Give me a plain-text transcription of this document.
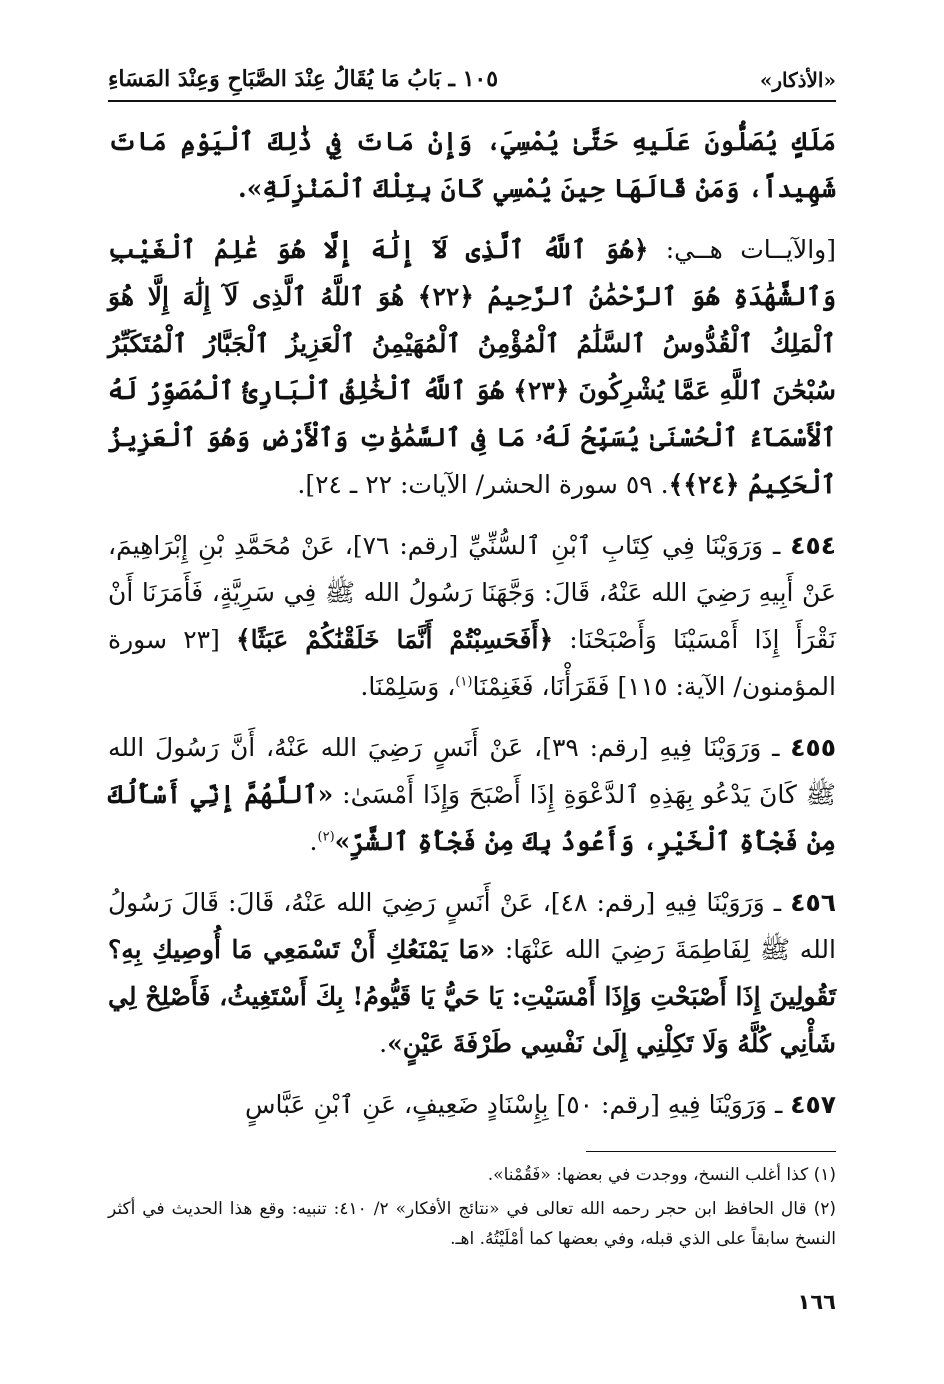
١٠٥ ـ بَابُ مَا يُقَالُ عِنْدَ الصَّبَاحِ وَعِنْدَ المَسَاءِ	«الأذكار»

مَلَكٍ يُصَلُّونَ عَلَيهِ حَتَّىٰ يُمْسِيَ، وَإِنْ مَاتَ فِي ذَٰلِكَ ٱلْيَوْمِ مَاتَ شَهِيداً، وَمَنْ قَالَهَا حِينَ يُمْسِي كَانَ بِتِلْكَ ٱلْمَنْزِلَةِ».

[والآيــات هــي: ﴿هُوَ ٱللَّهُ ٱلَّذِى لَآ إِلَٰهَ إِلَّا هُوَ عَٰلِمُ ٱلْغَيْبِ وَٱلشَّهَٰدَةِ هُوَ ٱلرَّحْمَٰنُ ٱلرَّحِيمُ ﴿٢٢﴾ هُوَ ٱللَّهُ ٱلَّذِى لَآ إِلَٰهَ إِلَّا هُوَ ٱلْمَلِكُ ٱلْقُدُّوسُ ٱلسَّلَٰمُ ٱلْمُؤْمِنُ ٱلْمُهَيْمِنُ ٱلْعَزِيزُ ٱلْجَبَّارُ ٱلْمُتَكَبِّرُ سُبْحَٰنَ ٱللَّهِ عَمَّا يُشْرِكُونَ ﴿٢٣﴾ هُوَ ٱللَّهُ ٱلْخَٰلِقُ ٱلْبَارِئُ ٱلْمُصَوِّرُ لَهُ ٱلْأَسْمَآءُ ٱلْحُسْنَىٰ يُسَبِّحُ لَهُۥ مَا فِى ٱلسَّمَٰوَٰتِ وَٱلْأَرْضِ وَهُوَ ٱلْعَزِيزُ ٱلْحَكِيمُ ﴿٢٤﴾﴾. ٥٩ سورة الحشر/ الآيات: ٢٢ ـ ٢٤].

٤٥٤ ـ وَرَوَيْنَا فِي كِتَابِ ٱبْنِ ٱلسُّنِّيِّ [رقم: ٧٦]، عَنْ مُحَمَّدِ بْنِ إِبْرَاهِيمَ، عَنْ أَبِيهِ رَضِيَ الله عَنْهُ، قَالَ: وَجَّهَنَا رَسُولُ الله ﷺ فِي سَرِيَّةٍ، فَأَمَرَنَا أَنْ نَقْرَأَ إِذَا أَمْسَيْنَا وَأَصْبَحْنَا: ﴿أَفَحَسِبْتُمْ أَنَّمَا خَلَقْنَٰكُمْ عَبَثًا﴾ [٢٣ سورة المؤمنون/ الآية: ١١٥] فَقَرَأْنَا، فَغَنِمْنَا$^{(١)}$، وَسَلِمْنَا.

٤٥٥ ـ وَرَوَيْنَا فِيهِ [رقم: ٣٩]، عَنْ أَنَسٍ رَضِيَ الله عَنْهُ، أَنَّ رَسُولَ الله ﷺ كَانَ يَدْعُو بِهَذِهِ ٱلدَّعْوَةِ إِذَا أَصْبَحَ وَإِذَا أَمْسَىٰ: «ٱللَّهُمَّ إِنِّي أَسْأَلُكَ مِنْ فَجْأَةِ ٱلْخَيْرِ، وَأَعُوذُ بِكَ مِنْ فَجْأَةِ ٱلشَّرِّ»$^{(٢)}$.

٤٥٦ ـ وَرَوَيْنَا فِيهِ [رقم: ٤٨]، عَنْ أَنَسٍ رَضِيَ الله عَنْهُ، قَالَ: قَالَ رَسُولُ الله ﷺ لِفَاطِمَةَ رَضِيَ الله عَنْهَا: «مَا يَمْنَعُكِ أَنْ تَسْمَعِي مَا أُوصِيكِ بِهِ؟ تَقُولِينَ إِذَا أَصْبَحْتِ وَإِذَا أَمْسَيْتِ: يَا حَيُّ يَا قَيُّومُ! بِكَ أَسْتَغِيثُ، فَأَصْلِحْ لِي شَأْنِي كُلَّهُ وَلَا تَكِلْنِي إِلَىٰ نَفْسِي طَرْفَةَ عَيْنٍ».

٤٥٧ ـ وَرَوَيْنَا فِيهِ [رقم: ٥٠] بِإِسْنَادٍ ضَعِيفٍ، عَنِ ٱبْنِ عَبَّاسٍ

(١) كذا أغلب النسخ، ووجدت في بعضها: «فَقُمْنا».

(٢) قال الحافظ ابن حجر رحمه الله تعالى في «نتائج الأفكار» ٢/ ٤١٠: تنبيه: وقع هذا الحديث في أكثر النسخ سابقاً على الذي قبله، وفي بعضها كما أمْلَيْتُهُ. اهـ.

١٦٦
